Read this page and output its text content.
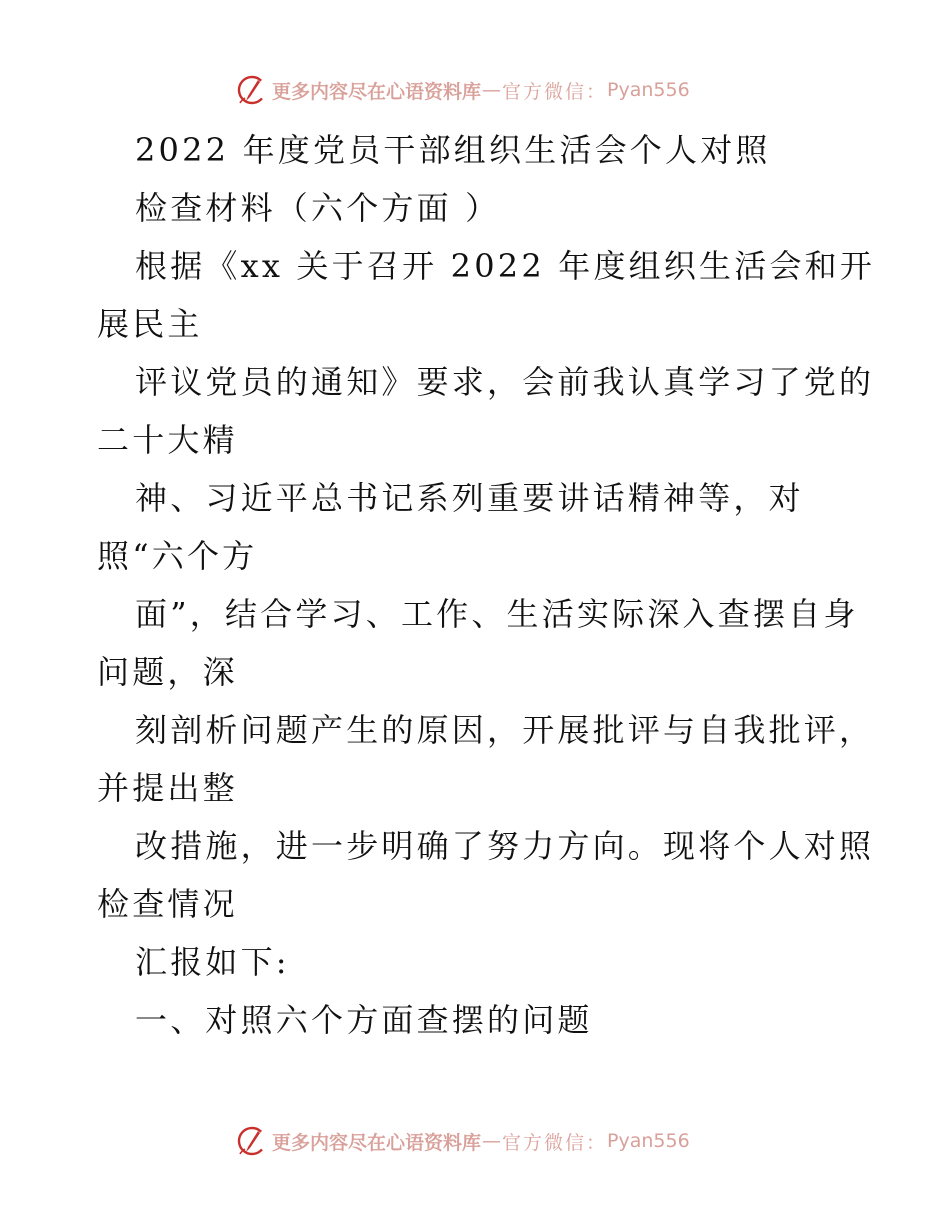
更多内容尽在心语资料库 — 官方微信： Pyan556
2022 年度党员干部组织生活会个人对照
检查材料（六个方面 ）

根据《xx 关于召开 2022 年度组织生活会和开

展民主

评议党员的通知》要求，会前我认真学习了党的

二十大精

神、习近平总书记系列重要讲话精神等，对

照“六个方

面”，结合学习、工作、生活实际深入查摆自身

问题，深

刻剖析问题产生的原因，开展批评与自我批评，

并提出整

改措施，进一步明确了努力方向。现将个人对照

检查情况

汇报如下:

一、对照六个方面查摆的问题
更多内容尽在心语资料库 — 官方微信： Pyan556
